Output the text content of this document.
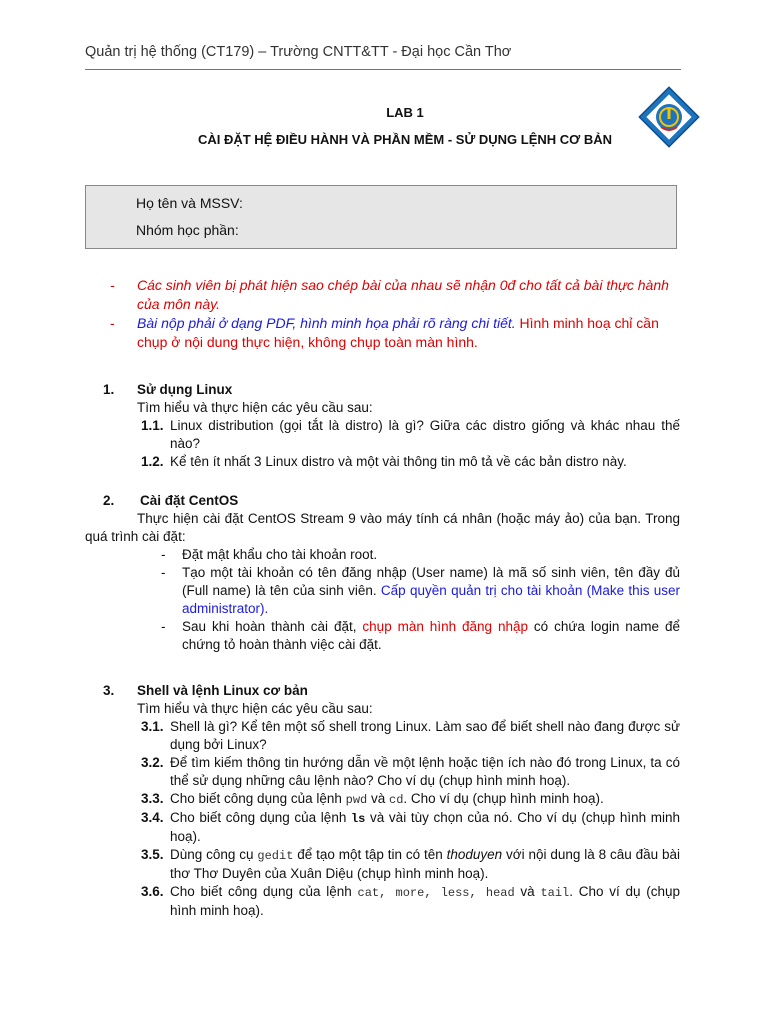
Quản trị hệ thống (CT179) – Trường CNTT&TT - Đại học Cần Thơ
LAB 1
CÀI ĐẶT HỆ ĐIỀU HÀNH VÀ PHẦN MỀM - SỬ DỤNG LỆNH CƠ BẢN
Họ tên và MSSV:
Nhóm học phần:
- Các sinh viên bị phát hiện sao chép bài của nhau sẽ nhận 0đ cho tất cả bài thực hành của môn này.
- Bài nộp phải ở dạng PDF, hình minh họa phải rõ ràng chi tiết. Hình minh hoạ chỉ cần chụp ở nội dung thực hiện, không chụp toàn màn hình.
1. Sử dụng Linux
Tìm hiểu và thực hiện các yêu cầu sau:
1.1. Linux distribution (gọi tắt là distro) là gì? Giữa các distro giống và khác nhau thế nào?
1.2. Kể tên ít nhất 3 Linux distro và một vài thông tin mô tả về các bản distro này.
2. Cài đặt CentOS
Thực hiện cài đặt CentOS Stream 9 vào máy tính cá nhân (hoặc máy ảo) của bạn. Trong quá trình cài đặt:
- Đặt mật khẩu cho tài khoản root.
- Tạo một tài khoản có tên đăng nhập (User name) là mã số sinh viên, tên đầy đủ (Full name) là tên của sinh viên. Cấp quyền quản trị cho tài khoản (Make this user administrator).
- Sau khi hoàn thành cài đặt, chụp màn hình đăng nhập có chứa login name để chứng tỏ hoàn thành việc cài đặt.
3. Shell và lệnh Linux cơ bản
Tìm hiểu và thực hiện các yêu cầu sau:
3.1. Shell là gì? Kể tên một số shell trong Linux. Làm sao để biết shell nào đang được sử dụng bởi Linux?
3.2. Để tìm kiếm thông tin hướng dẫn về một lệnh hoặc tiện ích nào đó trong Linux, ta có thể sử dụng những câu lệnh nào? Cho ví dụ (chụp hình minh hoạ).
3.3. Cho biết công dụng của lệnh pwd và cd. Cho ví dụ (chụp hình minh hoạ).
3.4. Cho biết công dụng của lệnh ls và vài tùy chọn của nó. Cho ví dụ (chụp hình minh hoạ).
3.5. Dùng công cụ gedit để tạo một tập tin có tên thoduyen với nội dung là 8 câu đầu bài thơ Thơ Duyên của Xuân Diệu (chụp hình minh hoạ).
3.6. Cho biết công dụng của lệnh cat, more, less, head và tail. Cho ví dụ (chụp hình minh hoạ).
